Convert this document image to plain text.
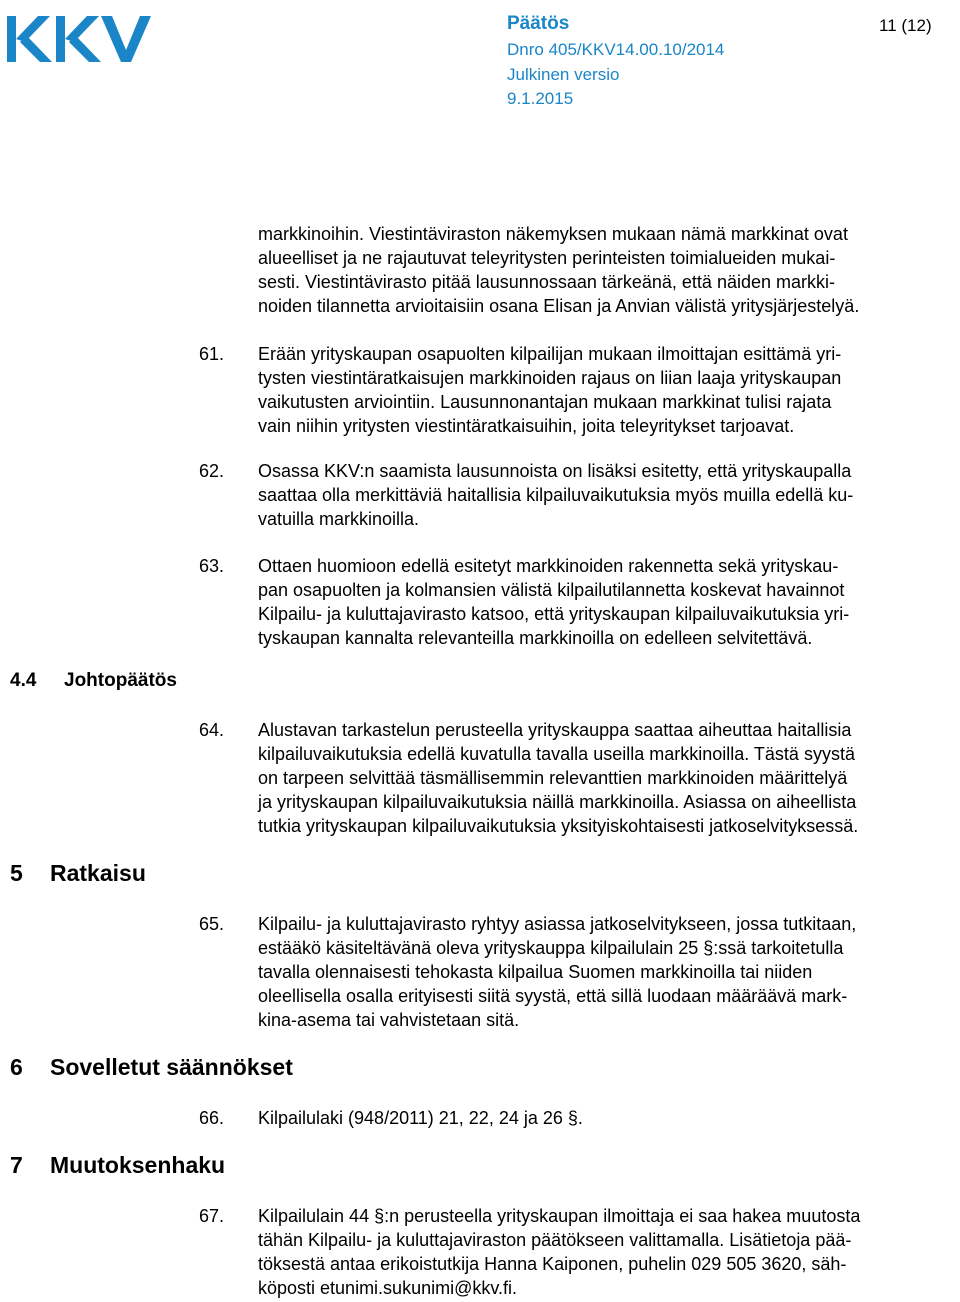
Päätös
Dnro 405/KKV14.00.10/2014
Julkinen versio
9.1.2015
11 (12)
markkinoihin. Viestintäviraston näkemyksen mukaan nämä markkinat ovat
alueelliset ja ne rajautuvat teleyritysten perinteisten toimialueiden mukai-
sesti. Viestintävirasto pitää lausunnossaan tärkeänä, että näiden markki-
noiden tilannetta arvioitaisiin osana Elisan ja Anvian välistä yritysjärjestelyä.
61. Erään yrityskaupan osapuolten kilpailijan mukaan ilmoittajan esittämä yri-
tysten viestintäratkaisujen markkinoiden rajaus on liian laaja yrityskaupan
vaikutusten arviointiin. Lausunnonantajan mukaan markkinat tulisi rajata
vain niihin yritysten viestintäratkaisuihin, joita teleyritykset tarjoavat.
62. Osassa KKV:n saamista lausunnoista on lisäksi esitetty, että yrityskaupalla
saattaa olla merkittäviä haitallisia kilpailuvaikutuksia myös muilla edellä ku-
vatuilla markkinoilla.
63. Ottaen huomioon edellä esitetyt markkinoiden rakennetta sekä yrityskau-
pan osapuolten ja kolmansien välistä kilpailutilannetta koskevat havainnot
Kilpailu- ja kuluttajavirasto katsoo, että yrityskaupan kilpailuvaikutuksia yri-
tyskaupan kannalta relevanteilla markkinoilla on edelleen selvitettävä.
4.4 Johtopäätös
64. Alustavan tarkastelun perusteella yrityskauppa saattaa aiheuttaa haitallisia
kilpailuvaikutuksia edellä kuvatulla tavalla useilla markkinoilla. Tästä syystä
on tarpeen selvittää täsmällisemmin relevanttien markkinoiden määrittelyä
ja yrityskaupan kilpailuvaikutuksia näillä markkinoilla. Asiassa on aiheellista
tutkia yrityskaupan kilpailuvaikutuksia yksityiskohtaisesti jatkoselvityksessä.
5 Ratkaisu
65. Kilpailu- ja kuluttajavirasto ryhtyy asiassa jatkoselvitykseen, jossa tutkitaan,
estääkö käsiteltävänä oleva yrityskauppa kilpailulain 25 §:ssä tarkoitetulla
tavalla olennaisesti tehokasta kilpailua Suomen markkinoilla tai niiden
oleellisella osalla erityisesti siitä syystä, että sillä luodaan määräävä mark-
kina-asema tai vahvistetaan sitä.
6 Sovelletut säännökset
66. Kilpailulaki (948/2011) 21, 22, 24 ja 26 §.
7 Muutoksenhaku
67. Kilpailulain 44 §:n perusteella yrityskaupan ilmoittaja ei saa hakea muutosta
tähän Kilpailu- ja kuluttajaviraston päätökseen valittamalla. Lisätietoja pää-
töksestä antaa erikoistutkija Hanna Kaiponen, puhelin 029 505 3620, säh-
köposti etunimi.sukunimi@kkv.fi.
